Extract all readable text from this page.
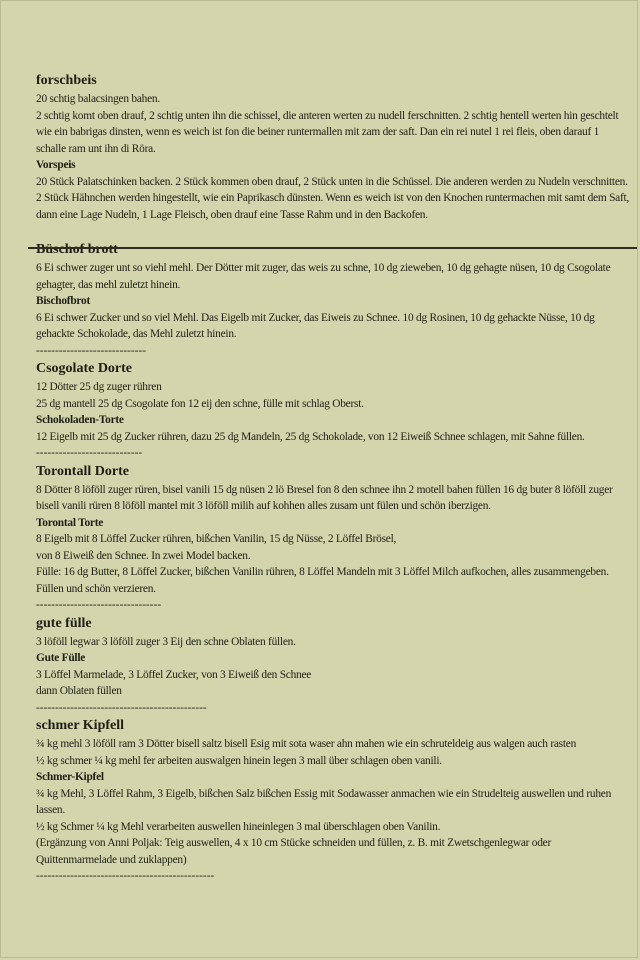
forschbeis

20 schtig balacsingen bahen.

2 schtig komt oben drauf, 2 schtig unten ihn die schissel, die anteren werten zu nudell ferschnitten. 2 schtig hentell werten hin geschtelt wie ein babrigas dinsten, wenn es weich ist fon die beiner runtermallen mit zam der saft. Dan ein rei nutel 1 rei fleis, oben darauf 1 schalle ram unt ihn di Röra.

Vorspeis

20 Stück Palatschinken backen. 2 Stück kommen oben drauf, 2 Stück unten in die Schüssel. Die anderen werden zu Nudeln verschnitten.

2 Stück Hähnchen werden hingestellt, wie ein Paprikasch dünsten. Wenn es weich ist von den Knochen runtermachen mit samt dem Saft, dann eine Lage Nudeln, 1 Lage Fleisch, oben drauf eine Tasse Rahm und in den Backofen.

Büschof brott

6 Ei schwer zuger unt so viehl mehl. Der Dötter mit zuger, das weis zu schne, 10 dg zieweben, 10 dg gehagte nüsen, 10 dg Csogolate gehagter, das mehl zuletzt hinein.

Bischofbrot

6 Ei schwer Zucker und so viel Mehl. Das Eigelb mit Zucker, das Eiweis zu Schnee. 10 dg Rosinen, 10 dg gehackte Nüsse, 10 dg gehackte Schokolade, das Mehl zuletzt hinein.

-----------------------------
Csogolate Dorte

12 Dötter 25 dg zuger rühren

25 dg mantell 25 dg Csogolate fon 12 eij den schne, fülle mit schlag Oberst.

Schokoladen-Torte

12 Eigelb mit 25 dg Zucker rühren, dazu 25 dg Mandeln, 25 dg Schokolade, von 12 Eiweiß Schnee schlagen, mit Sahne füllen.

----------------------------
Torontall Dorte

8 Dötter 8 löföll zuger rüren, bisel vanili 15 dg nüsen 2 lö Bresel fon 8 den schnee ihn 2 motell bahen füllen 16 dg buter 8 löföll zuger bisell vanili rüren 8 löföll mantel mit 3 löföll milih auf kohhen alles zusam unt fülen und schön iberzigen.

Torontal Torte

8 Eigelb mit 8 Löffel Zucker rühren, bißchen Vanilin, 15 dg Nüsse, 2 Löffel Brösel,

von 8 Eiweiß den Schnee. In zwei Model backen.

Fülle: 16 dg Butter, 8 Löffel Zucker, bißchen Vanilin rühren, 8 Löffel Mandeln mit 3 Löffel Milch aufkochen, alles zusammengeben. Füllen und schön verzieren.

---------------------------------
gute fülle

3 löföll legwar 3 löföll zuger 3 Eij den schne Oblaten füllen.

Gute Fülle

3 Löffel Marmelade, 3 Löffel Zucker, von 3 Eiweiß den Schnee

dann Oblaten füllen

---------------------------------------------
schmer Kipfell

¾ kg mehl 3 löföll ram 3 Dötter bisell saltz bisell Esig mit sota waser ahn mahen wie ein schruteldeig aus walgen auch rasten

½ kg schmer ¼ kg mehl fer arbeiten auswalgen hinein legen 3 mall über schlagen oben vanili.

Schmer-Kipfel

¾ kg Mehl, 3 Löffel Rahm, 3 Eigelb, bißchen Salz bißchen Essig mit Sodawasser anmachen wie ein Strudelteig auswellen und ruhen lassen.

½ kg Schmer ¼ kg Mehl verarbeiten auswellen hineinlegen 3 mal überschlagen oben Vanilin.

(Ergänzung von Anni Poljak: Teig auswellen, 4 x 10 cm Stücke schneiden und füllen, z. B. mit Zwetschgenlegwar oder Quittenmarmelade und zuklappen)

-----------------------------------------------
